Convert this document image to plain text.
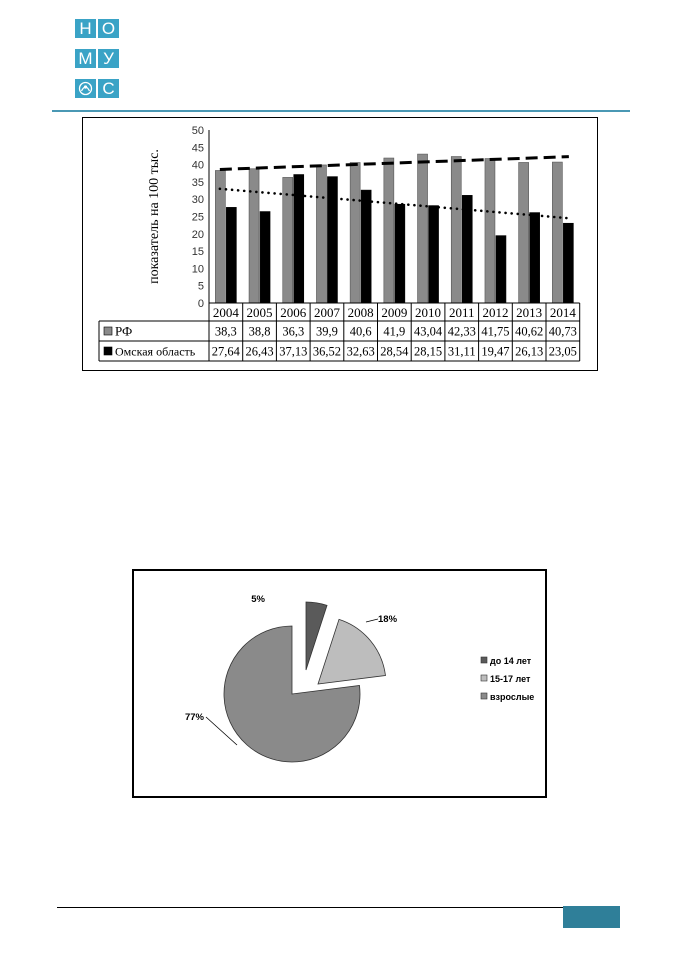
Н О
М У
С
0
5
10
15
20
25
30
35
40
45
50
показатель на 100 тыс.
2004 2005 2006 2007 2008 2009 2010 2011 2012 2013 2014
РФ	38,3 38,8 36,3 39,9 40,6 41,9 43,04 42,33 41,75 40,62 40,73
Омская область 27,64 26,43 37,13 36,52 32,63 28,54 28,15 31,11 19,47 26,13 23,05
5%
18%
77%
до 14 лет
15-17 лет
взрослые
